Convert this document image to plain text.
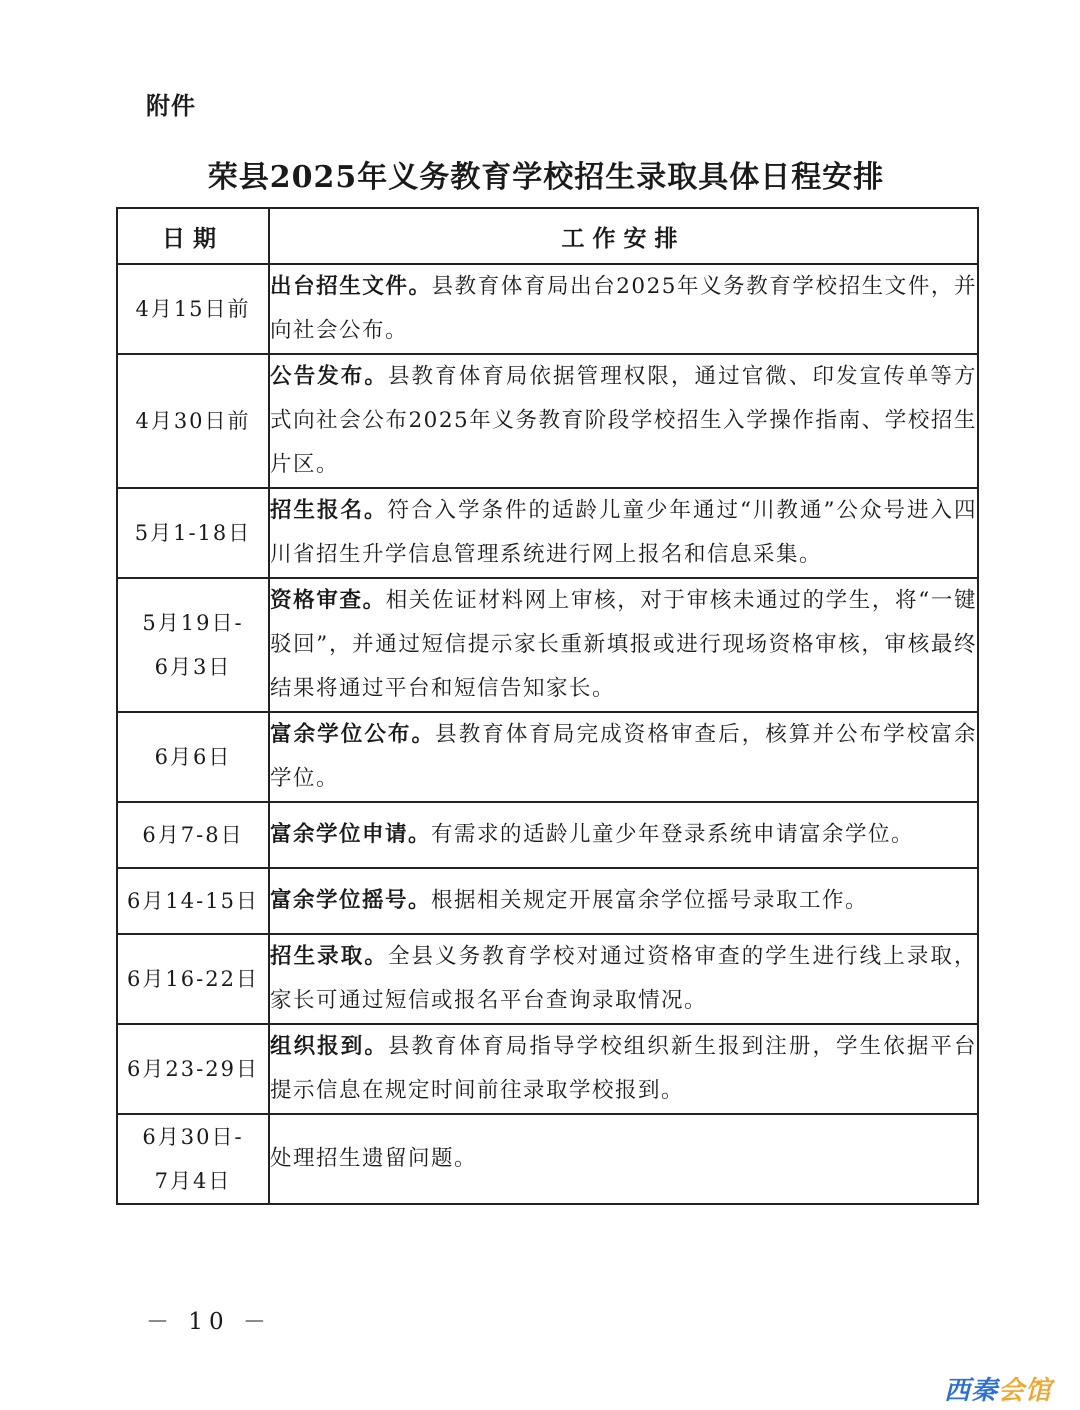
附件
荣县2025年义务教育学校招生录取具体日程安排
日期	工作安排

4月15日前	出台招生文件。县教育体育局出台2025年义务教育学校招生文件，并向社会公布。

4月30日前	公告发布。县教育体育局依据管理权限，通过官微、印发宣传单等方式向社会公布2025年义务教育阶段学校招生入学操作指南、学校招生片区。

5月1-18日	招生报名。符合入学条件的适龄儿童少年通过“川教通”公众号进入四川省招生升学信息管理系统进行网上报名和信息采集。

5月19日-
6月3日	资格审查。相关佐证材料网上审核，对于审核未通过的学生，将“一键驳回”，并通过短信提示家长重新填报或进行现场资格审核，审核最终结果将通过平台和短信告知家长。

6月6日	富余学位公布。县教育体育局完成资格审查后，核算并公布学校富余学位。

6月7-8日	富余学位申请。有需求的适龄儿童少年登录系统申请富余学位。

6月14-15日	富余学位摇号。根据相关规定开展富余学位摇号录取工作。

6月16-22日	招生录取。全县义务教育学校对通过资格审查的学生进行线上录取，家长可通过短信或报名平台查询录取情况。

6月23-29日	组织报到。县教育体育局指导学校组织新生报到注册，学生依据平台提示信息在规定时间前往录取学校报到。

6月30日-
7月4日	处理招生遗留问题。
－ 10 －
西秦会馆
